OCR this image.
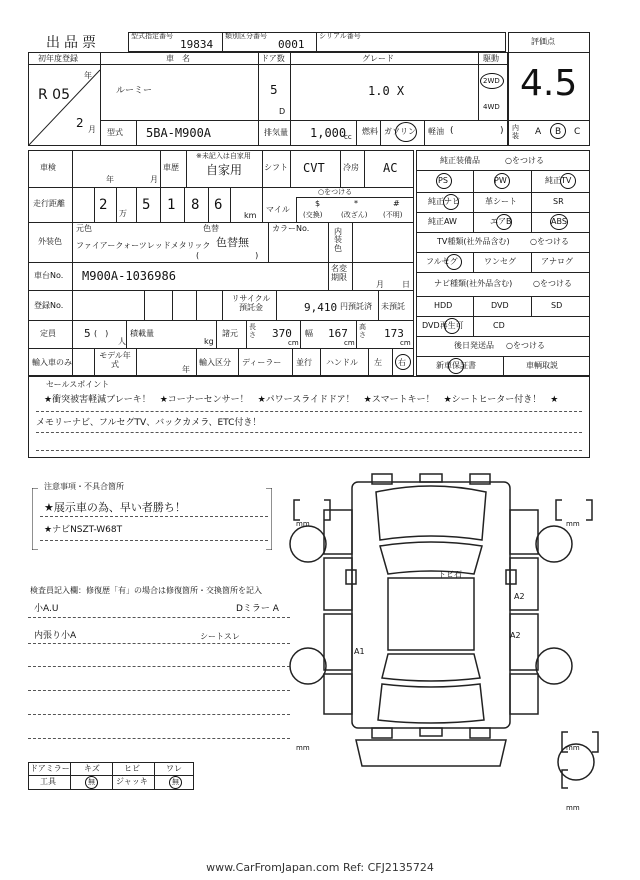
出品票	型式指定番号
19834
類別区分番号
0001
シリアル番号
評価点
4.5
初年度登録
年
R 05
2 月
車　名
ルーミー
ドア数
5
D
グレード
1.0 X
駆動
2WD
4WD
型式 5BA-M900A	排気量 1,000
cc
燃料 ガソリン 軽油 (	) 内装	A B C
車検
年	月
※未記入は自家用
車歴 自家用	シフト CVT 冷房 AC
走行距離 2
万
5 1 8 6
km
マイル
○をつける
$
(交換)
*
(改ざん)
#
(不明)
外装色
元色	色替
ファイアークォーツレッドメタリック 色替無
(　　　　　　　)
カラーNo.	内装色
車台No. M900A-1036986
名変期限
月 日
登録No.
リサイクル預託金	9,410 円預託済 未預託
定員	5 (　)
人
積載量
kg
諸元
長さ 370
cm
幅 167
cm
高さ 173
cm
輸入車のみ
モデル年式
年
輸入区分 ディーラー 並行 ハンドル 左 右
純正装備品	○をつける
PS	PW	純正TV
純正ナビ	革シート	SR
純正AW	エアB	ABS
TV種類(社外品含む)	○をつける
フルセグ	ワンセグ	アナログ
ナビ種類(社外品含む)	○をつける
HDD	DVD	SD
DVD再生可	CD
後日発送品 ○をつける
新車保証書	車輌取説
セールスポイント
★衝突被害軽減ブレーキ！　★コーナーセンサー！　★パワースライドドア！　★スマートキー！　★シートヒーター付き！　★
メモリーナビ、フルセグTV、バックカメラ、ETC付き！
注意事項・不具合箇所
★展示車の為、早い者勝ち！
★ナビNSZT-W68T
検査員記入欄：修復歴「有」の場合は修復箇所・交換箇所を記入
小A.U	Dミラー A
内張り小A	シートスレ
mm	mm
mm	mm
mm
トビ石
A1
A2
A2
ドアミラー キズ	ヒビ	ワレ
工具	無	ジャッキ	無
www.CarFromJapan.com Ref: CFJ2135724
